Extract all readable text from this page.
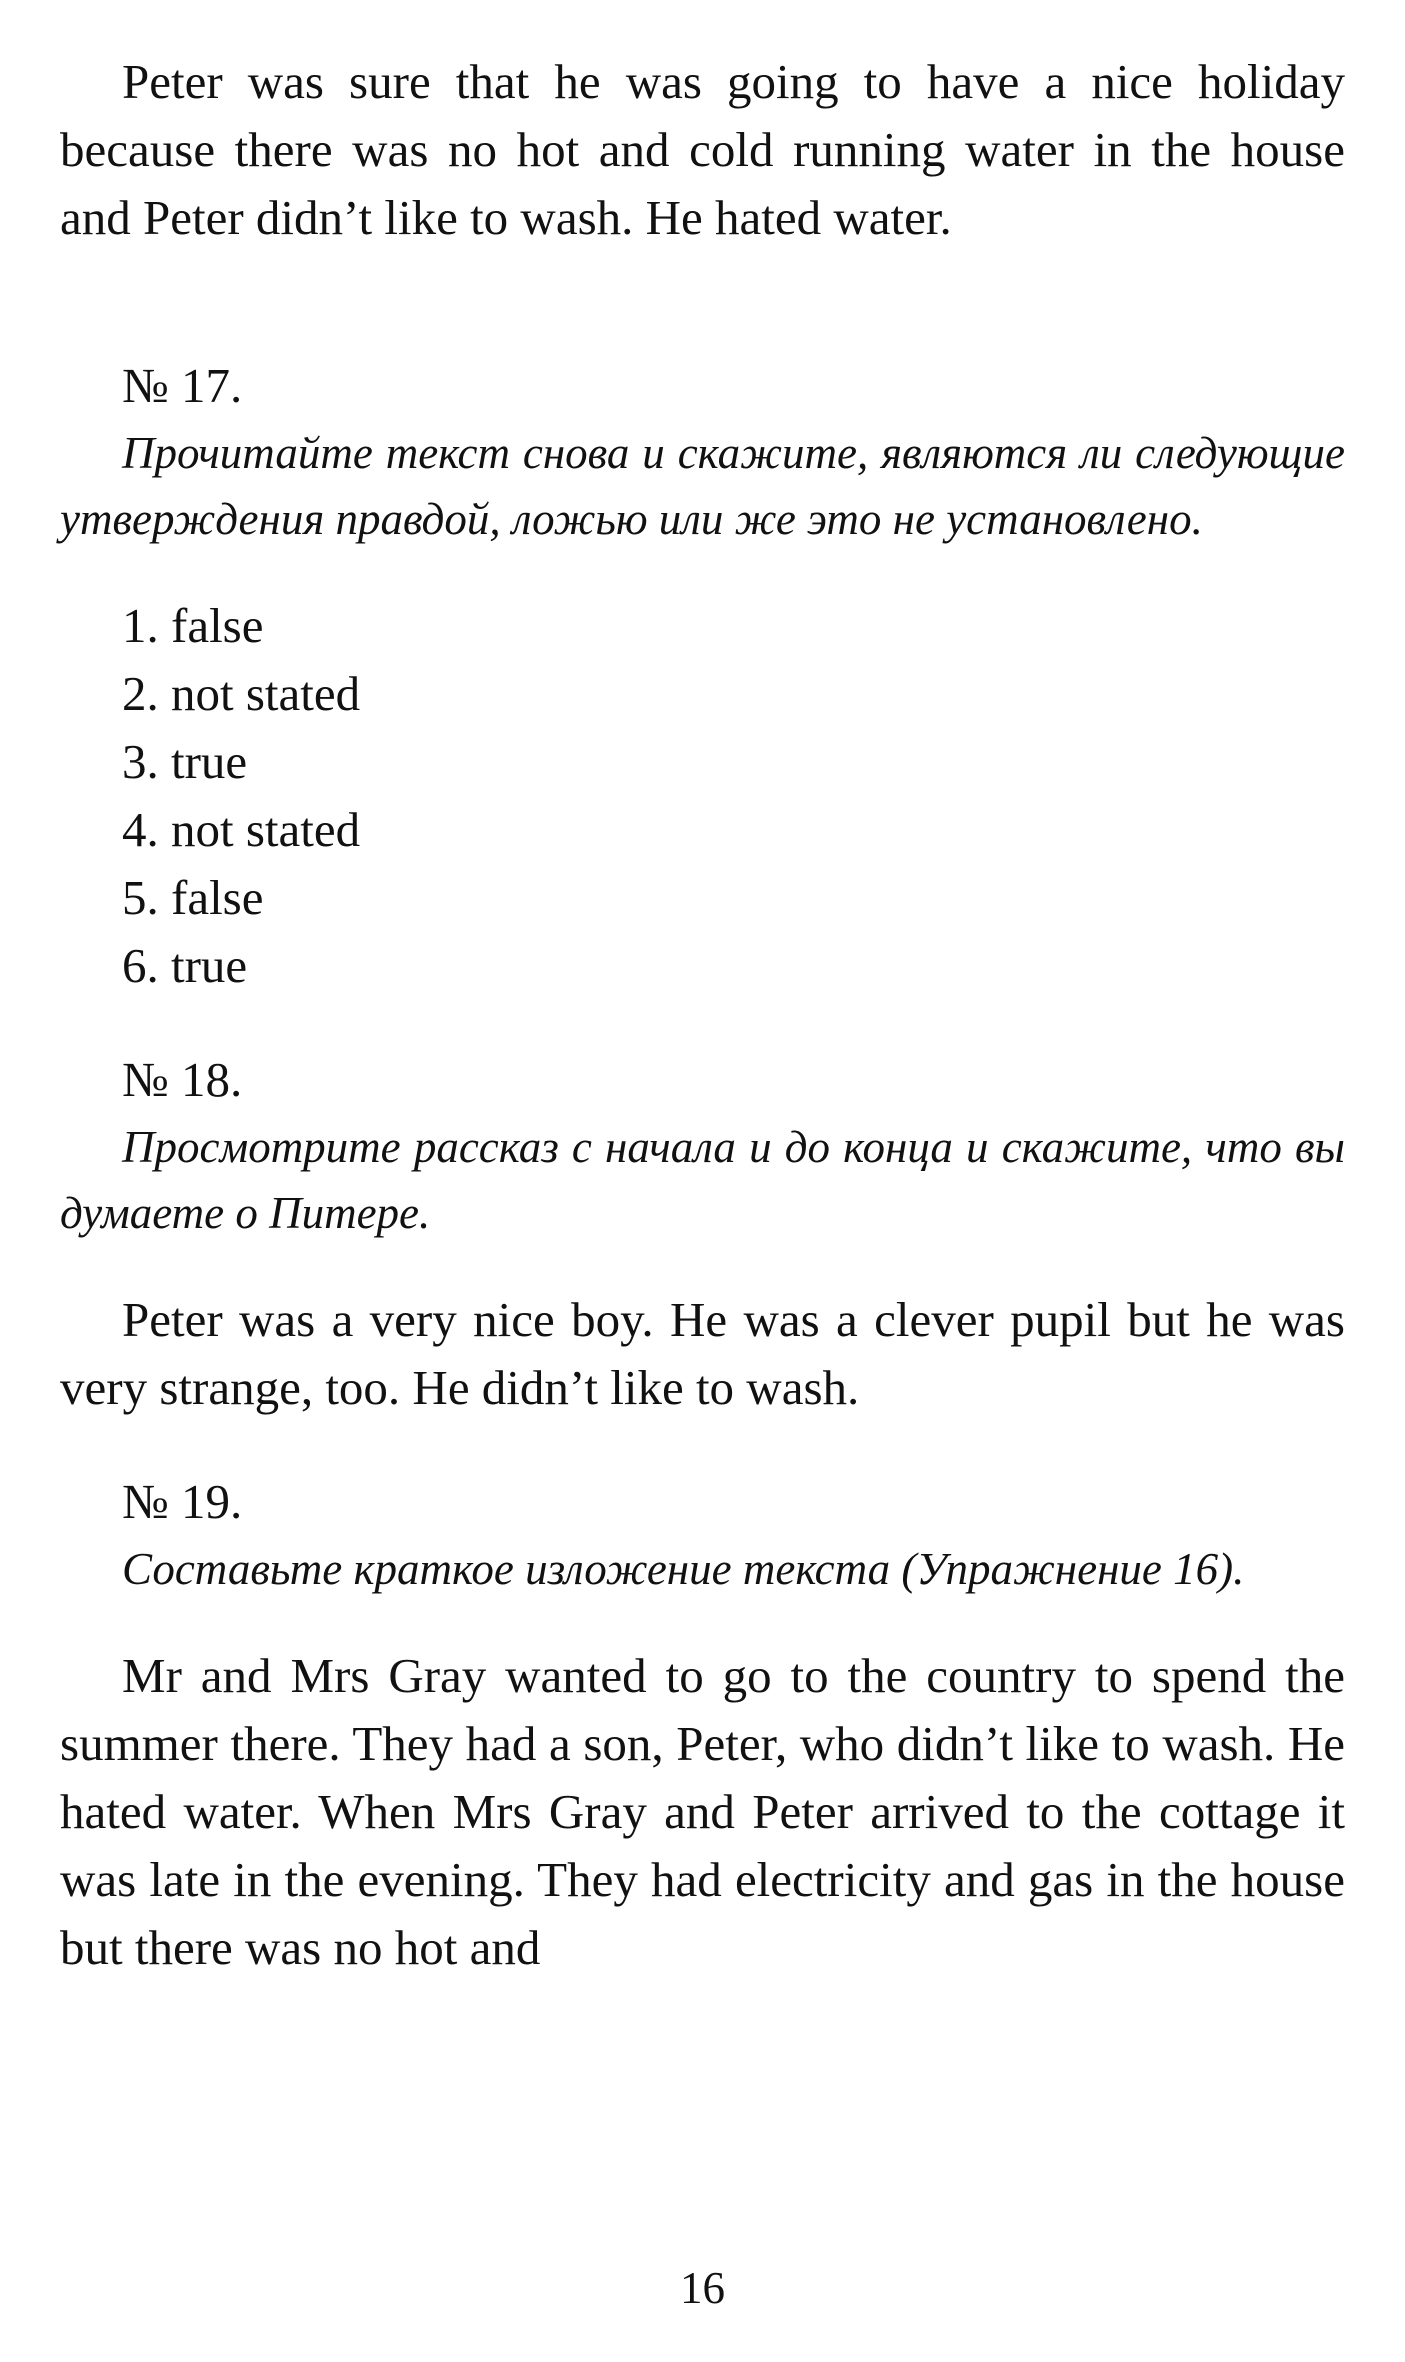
Peter was sure that he was going to have a nice holiday because there was no hot and cold running water in the house and Peter didn’t like to wash. He hated water.

№ 17.

Прочитайте текст снова и скажите, являются ли следующие утверждения правдой, ложью или же это не установлено.

1. false
2. not stated
3. true
4. not stated
5. false
6. true

№ 18.

Просмотрите рассказ с начала и до конца и скажите, что вы думаете о Питере.

Peter was a very nice boy. He was a clever pupil but he was very strange, too. He didn’t like to wash.

№ 19.

Составьте краткое изложение текста (Упражнение 16).

Mr and Mrs Gray wanted to go to the country to spend the summer there. They had a son, Peter, who didn’t like to wash. He hated water. When Mrs Gray and Peter arrived to the cottage it was late in the evening. They had electricity and gas in the house but there was no hot and

16
